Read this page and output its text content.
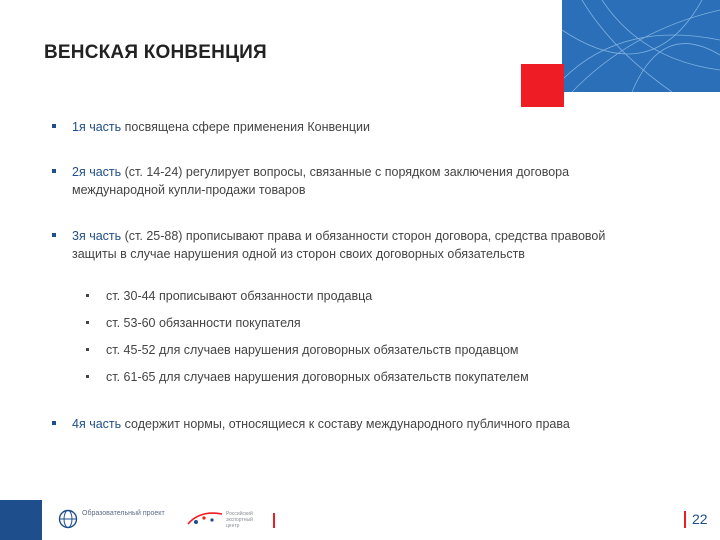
ВЕНСКАЯ КОНВЕНЦИЯ
1я часть посвящена сфере применения Конвенции
2я часть (ст. 14-24) регулирует вопросы, связанные с порядком заключения договора международной купли-продажи товаров
3я часть (ст. 25-88) прописывают права и обязанности сторон договора, средства правовой защиты в случае нарушения одной из сторон своих договорных обязательств
ст. 30-44 прописывают обязанности продавца
ст. 53-60 обязанности покупателя
ст. 45-52 для случаев нарушения договорных обязательств продавцом
ст. 61-65 для случаев нарушения договорных обязательств покупателем
4я часть содержит нормы, относящиеся к составу международного публичного права
Образовательный проект	Российский экспортный центр	22
